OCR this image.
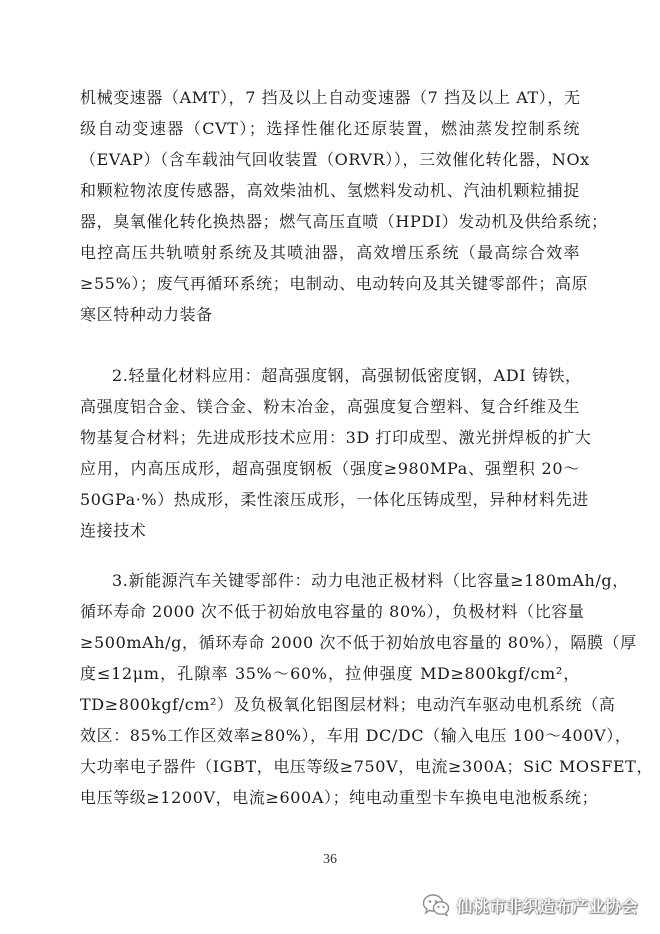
机械变速器（AMT），7 挡及以上自动变速器（7 挡及以上 AT），无
级自动变速器（CVT）；选择性催化还原装置，燃油蒸发控制系统
（EVAP）（含车载油气回收装置（ORVR）），三效催化转化器，NOx
和颗粒物浓度传感器，高效柴油机、氢燃料发动机、汽油机颗粒捕捉
器，臭氧催化转化换热器；燃气高压直喷（HPDI）发动机及供给系统；
电控高压共轨喷射系统及其喷油器，高效增压系统（最高综合效率
≥55%）；废气再循环系统；电制动、电动转向及其关键零部件；高原
寒区特种动力装备
2.轻量化材料应用：超高强度钢，高强韧低密度钢，ADI 铸铁，
高强度铝合金、镁合金、粉末冶金，高强度复合塑料、复合纤维及生
物基复合材料；先进成形技术应用：3D 打印成型、激光拼焊板的扩大
应用，内高压成形，超高强度钢板（强度≥980MPa、强塑积 20～
50GPa·%）热成形，柔性滚压成形，一体化压铸成型，异种材料先进
连接技术
3.新能源汽车关键零部件：动力电池正极材料（比容量≥180mAh/g，
循环寿命 2000 次不低于初始放电容量的 80%），负极材料（比容量
≥500mAh/g，循环寿命 2000 次不低于初始放电容量的 80%），隔膜（厚
度≤12μm，孔隙率 35%～60%，拉伸强度 MD≥800kgf/cm²，
TD≥800kgf/cm²）及负极氧化铝图层材料；电动汽车驱动电机系统（高
效区：85%工作区效率≥80%），车用 DC/DC（输入电压 100～400V），
大功率电子器件（IGBT，电压等级≥750V，电流≥300A；SiC MOSFET，
电压等级≥1200V，电流≥600A）；纯电动重型卡车换电电池板系统；
36
仙桃市非织造布产业协会
